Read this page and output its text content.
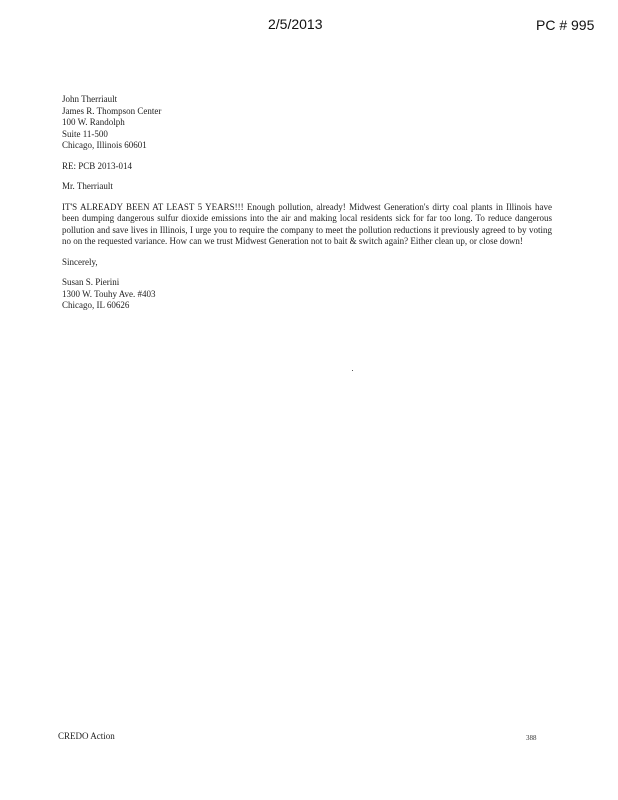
2/5/2013	PC # 995
John Therriault
James R. Thompson Center
100 W. Randolph
Suite 11-500
Chicago, Illinois 60601
RE: PCB 2013-014
Mr. Therriault

IT'S ALREADY BEEN AT LEAST 5 YEARS!!! Enough pollution, already! Midwest Generation's dirty coal plants in Illinois have been dumping dangerous sulfur dioxide emissions into the air and making local residents sick for far too long. To reduce dangerous pollution and save lives in Illinois, I urge you to require the company to meet the pollution reductions it previously agreed to by voting no on the requested variance. How can we trust Midwest Generation not to bait & switch again? Either clean up, or close down!

Sincerely,
Susan S. Pierini
1300 W. Touhy Ave. #403
Chicago, IL 60626
CREDO Action	388
